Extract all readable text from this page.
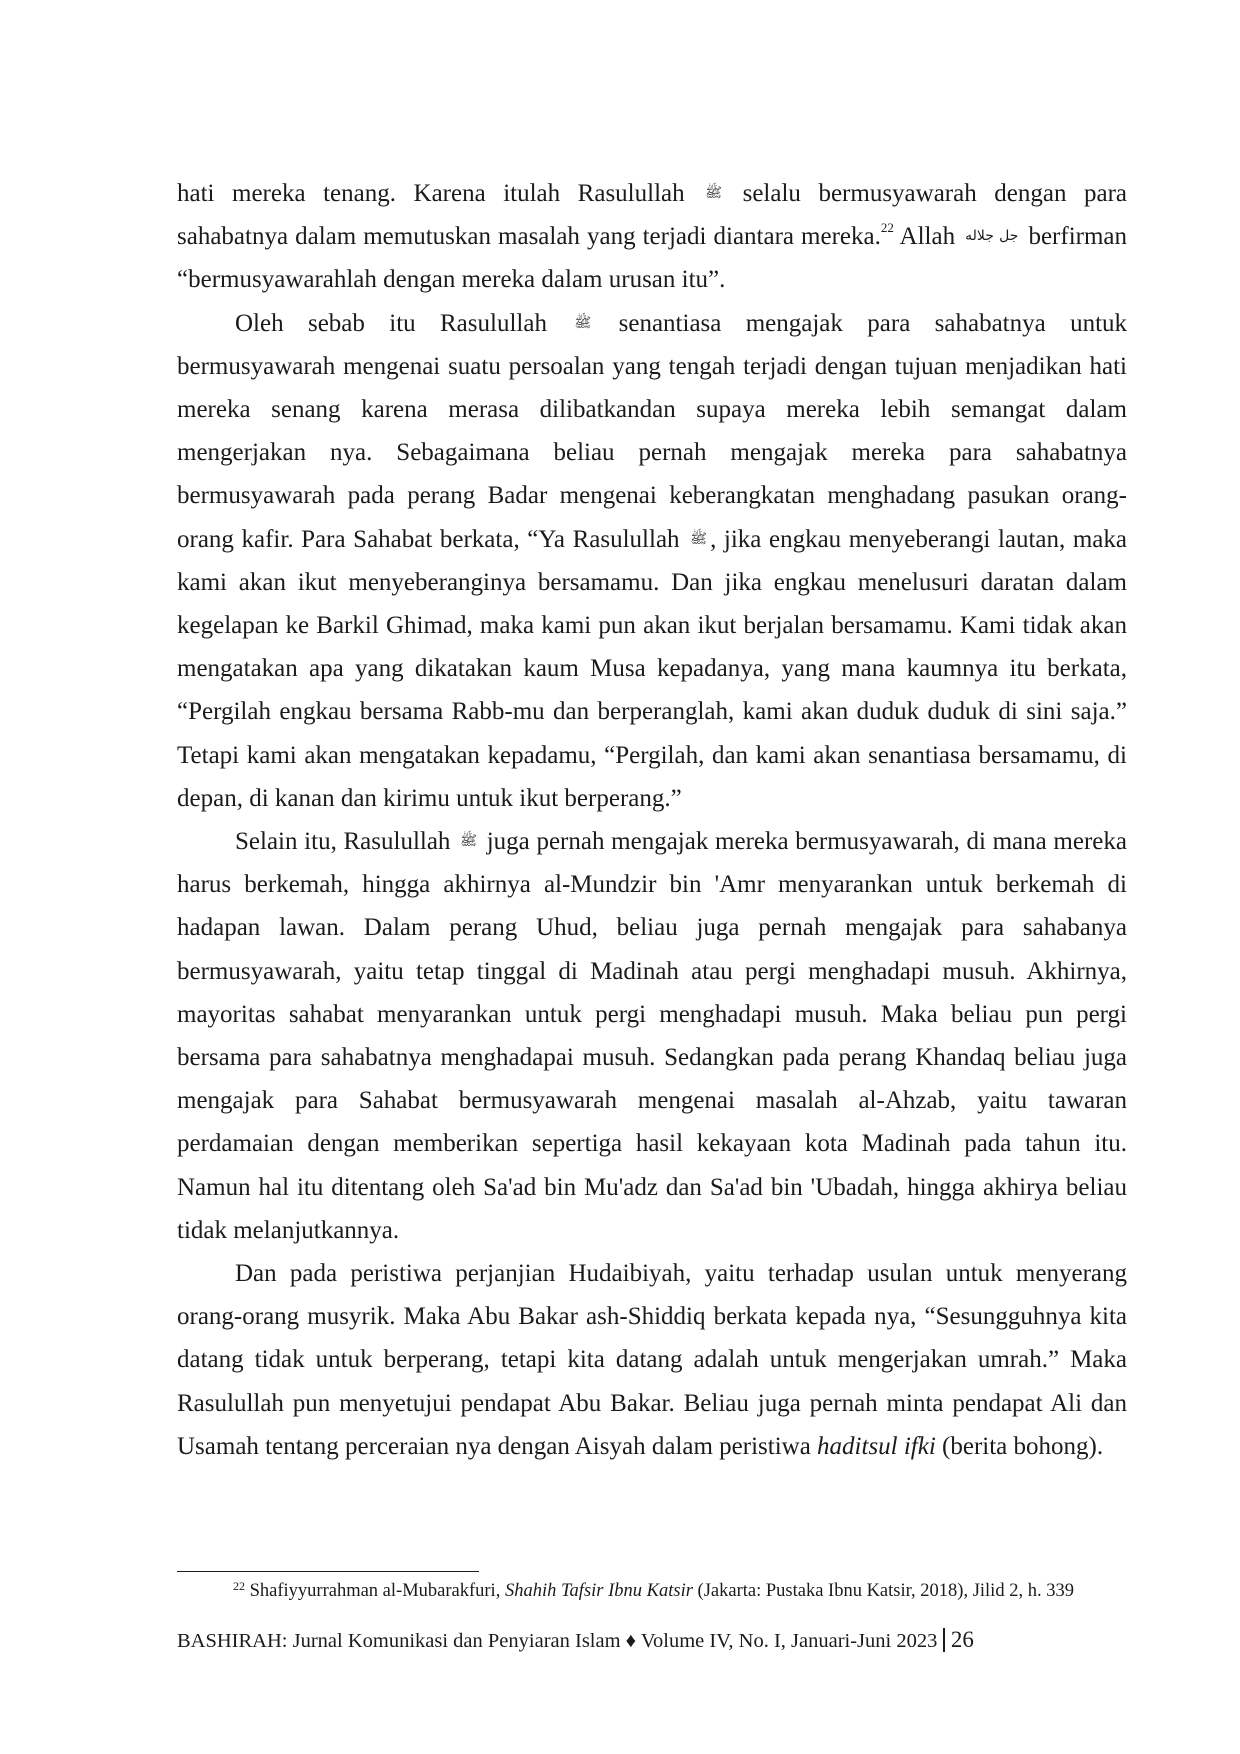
hati mereka tenang. Karena itulah Rasulullah ﷺ selalu bermusyawarah dengan para sahabatnya dalam memutuskan masalah yang terjadi diantara mereka.$^{22}$ Allah جل جلاله berfirman “bermusyawarahlah dengan mereka dalam urusan itu”.

Oleh sebab itu Rasulullah ﷺ senantiasa mengajak para sahabatnya untuk bermusyawarah mengenai suatu persoalan yang tengah terjadi dengan tujuan menjadikan hati mereka senang karena merasa dilibatkandan supaya mereka lebih semangat dalam mengerjakan nya. Sebagaimana beliau pernah mengajak mereka para sahabatnya bermusyawarah pada perang Badar mengenai keberangkatan menghadang pasukan orang-orang kafir. Para Sahabat berkata, “Ya Rasulullah ﷺ , jika engkau menyeberangi lautan, maka kami akan ikut menyeberanginya bersamamu. Dan jika engkau menelusuri daratan dalam kegelapan ke Barkil Ghimad, maka kami pun akan ikut berjalan bersamamu. Kami tidak akan mengatakan apa yang dikatakan kaum Musa kepadanya, yang mana kaumnya itu berkata, “Pergilah engkau bersama Rabb-mu dan berperanglah, kami akan duduk duduk di sini saja.” Tetapi kami akan mengatakan kepadamu, “Pergilah, dan kami akan senantiasa bersamamu, di depan, di kanan dan kirimu untuk ikut berperang.”

Selain itu, Rasulullah ﷺ juga pernah mengajak mereka bermusyawarah, di mana mereka harus berkemah, hingga akhirnya al-Mundzir bin 'Amr menyarankan untuk berkemah di hadapan lawan. Dalam perang Uhud, beliau juga pernah mengajak para sahabanya bermusyawarah, yaitu tetap tinggal di Madinah atau pergi menghadapi musuh. Akhirnya, mayoritas sahabat menyarankan untuk pergi menghadapi musuh. Maka beliau pun pergi bersama para sahabatnya menghadapai musuh. Sedangkan pada perang Khandaq beliau juga mengajak para Sahabat bermusyawarah mengenai masalah al-Ahzab, yaitu tawaran perdamaian dengan memberikan sepertiga hasil kekayaan kota Madinah pada tahun itu. Namun hal itu ditentang oleh Sa'ad bin Mu'adz dan Sa'ad bin 'Ubadah, hingga akhirya beliau tidak melanjutkannya.

Dan pada peristiwa perjanjian Hudaibiyah, yaitu terhadap usulan untuk menyerang orang-orang musyrik. Maka Abu Bakar ash-Shiddiq berkata kepada nya, “Sesungguhnya kita datang tidak untuk berperang, tetapi kita datang adalah untuk mengerjakan umrah.” Maka Rasulullah pun menyetujui pendapat Abu Bakar. Beliau juga pernah minta pendapat Ali dan Usamah tentang perceraian nya dengan Aisyah dalam peristiwa haditsul ifki (berita bohong).

$^{22}$ Shafiyyurrahman al-Mubarakfuri, Shahih Tafsir Ibnu Katsir (Jakarta: Pustaka Ibnu Katsir, 2018), Jilid 2, h. 339
BASHIRAH: Jurnal Komunikasi dan Penyiaran Islam ♦ Volume IV, No. I, Januari-Juni 2023 26
